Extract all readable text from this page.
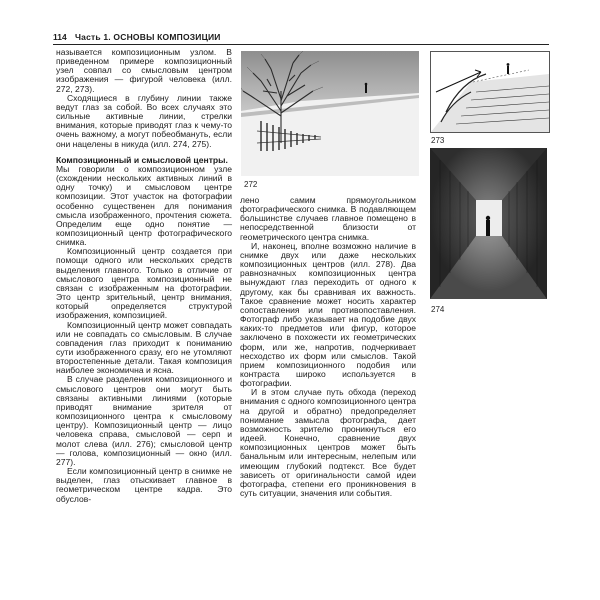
114 Часть 1. ОСНОВЫ КОМПОЗИЦИИ

называется композиционным узлом. В приведенном примере композиционный узел совпал со смысловым центром изображения — фигурой человека (илл. 272, 273).

Сходящиеся в глубину линии также ведут глаз за собой. Во всех случаях это сильные активные линии, стрелки внимания, которые приводят глаз к чему-то очень важному, а могут побеобмануть, если они нацелены в никуда (илл. 274, 275).

Композиционный и смысловой центры.

Мы говорили о композиционном узле (схождении нескольких активных линий в одну точку) и смысловом центре композиции. Этот участок на фотографии особенно существенен для понимания смысла изображенного, прочтения сюжета. Определим еще одно понятие — композиционный центр фотографического снимка.

Композиционный центр создается при помощи одного или нескольких средств выделения главного. Только в отличие от смыслового центра композиционный не связан с изображенным на фотографии. Это центр зрительный, центр внимания, который определяется структурой изображения, композицией.

Композиционный центр может совпадать или не совпадать со смысловым. В случае совпадения глаз приходит к пониманию сути изображенного сразу, его не утомляют второстепенные детали. Такая композиция наиболее экономична и ясна.

В случае разделения композиционного и смыслового центров они могут быть связаны активными линиями (которые приводят внимание зрителя от композиционного центра к смысловому центру). Композиционный центр — лицо человека справа, смысловой — серп и молот слева (илл. 276); смысловой центр — голова, композиционный — окно (илл. 277).

Если композиционный центр в снимке не выделен, глаз отыскивает главное в геометрическом центре кадра. Это обуслов-

272
273
274

лено самим прямоугольником фотографического снимка. В подавляющем большинстве случаев главное помещено в непосредственной близости от геометрического центра снимка.

И, наконец, вполне возможно наличие в снимке двух или даже нескольких композиционных центров (илл. 278). Два равнозначных композиционных центра вынуждают глаз переходить от одного к другому, как бы сравнивая их важность. Такое сравнение может носить характер сопоставления или противопоставления. Фотограф либо указывает на подобие двух каких-то предметов или фигур, которое заключено в похожести их геометрических форм, или же, напротив, подчеркивает несходство их форм или смыслов. Такой прием композиционного подобия или контраста широко используется в фотографии.

И в этом случае путь обхода (переход внимания с одного композиционного центра на другой и обратно) предопределяет понимание замысла фотографа, дает возможность зрителю проникнуться его идеей. Конечно, сравнение двух композиционных центров может быть банальным или интересным, нелепым или имеющим глубокий подтекст. Все будет зависеть от оригинальности самой идеи фотографа, степени его проникновения в суть ситуации, значения или события.
